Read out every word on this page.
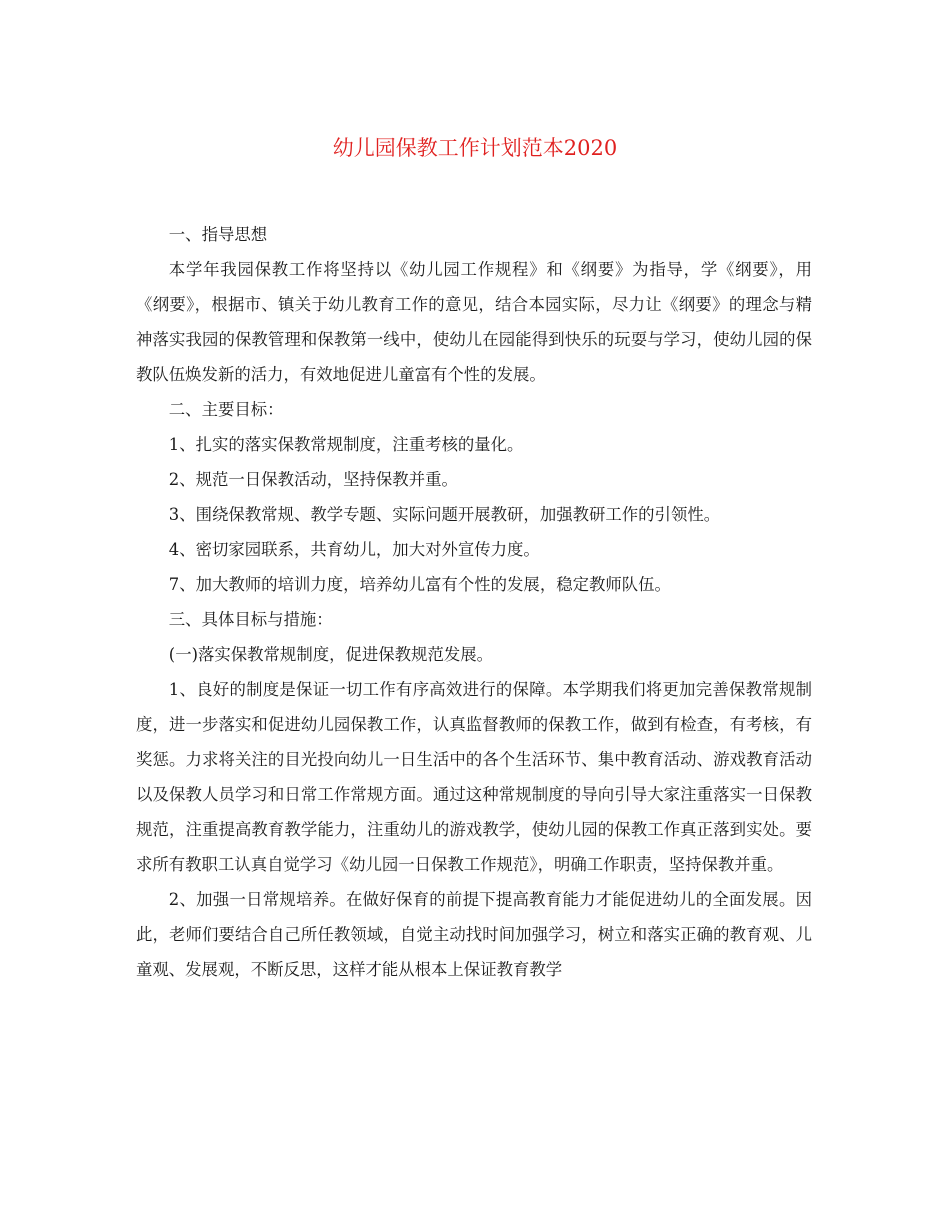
幼儿园保教工作计划范本2020

一、指导思想

本学年我园保教工作将坚持以《幼儿园工作规程》和《纲要》为指导，学《纲要》，用《纲要》，根据市、镇关于幼儿教育工作的意见，结合本园实际，尽力让《纲要》的理念与精神落实我园的保教管理和保教第一线中，使幼儿在园能得到快乐的玩耍与学习，使幼儿园的保教队伍焕发新的活力，有效地促进儿童富有个性的发展。

二、主要目标：

1、扎实的落实保教常规制度，注重考核的量化。

2、规范一日保教活动，坚持保教并重。

3、围绕保教常规、教学专题、实际问题开展教研，加强教研工作的引领性。

4、密切家园联系，共育幼儿，加大对外宣传力度。

7、加大教师的培训力度，培养幼儿富有个性的发展，稳定教师队伍。

三、具体目标与措施：

(一)落实保教常规制度，促进保教规范发展。

1、良好的制度是保证一切工作有序高效进行的保障。本学期我们将更加完善保教常规制度，进一步落实和促进幼儿园保教工作，认真监督教师的保教工作，做到有检查，有考核，有奖惩。力求将关注的目光投向幼儿一日生活中的各个生活环节、集中教育活动、游戏教育活动以及保教人员学习和日常工作常规方面。通过这种常规制度的导向引导大家注重落实一日保教规范，注重提高教育教学能力，注重幼儿的游戏教学，使幼儿园的保教工作真正落到实处。要求所有教职工认真自觉学习《幼儿园一日保教工作规范》，明确工作职责，坚持保教并重。

2、加强一日常规培养。在做好保育的前提下提高教育能力才能促进幼儿的全面发展。因此，老师们要结合自己所任教领域，自觉主动找时间加强学习，树立和落实正确的教育观、儿童观、发展观，不断反思，这样才能从根本上保证教育教学
